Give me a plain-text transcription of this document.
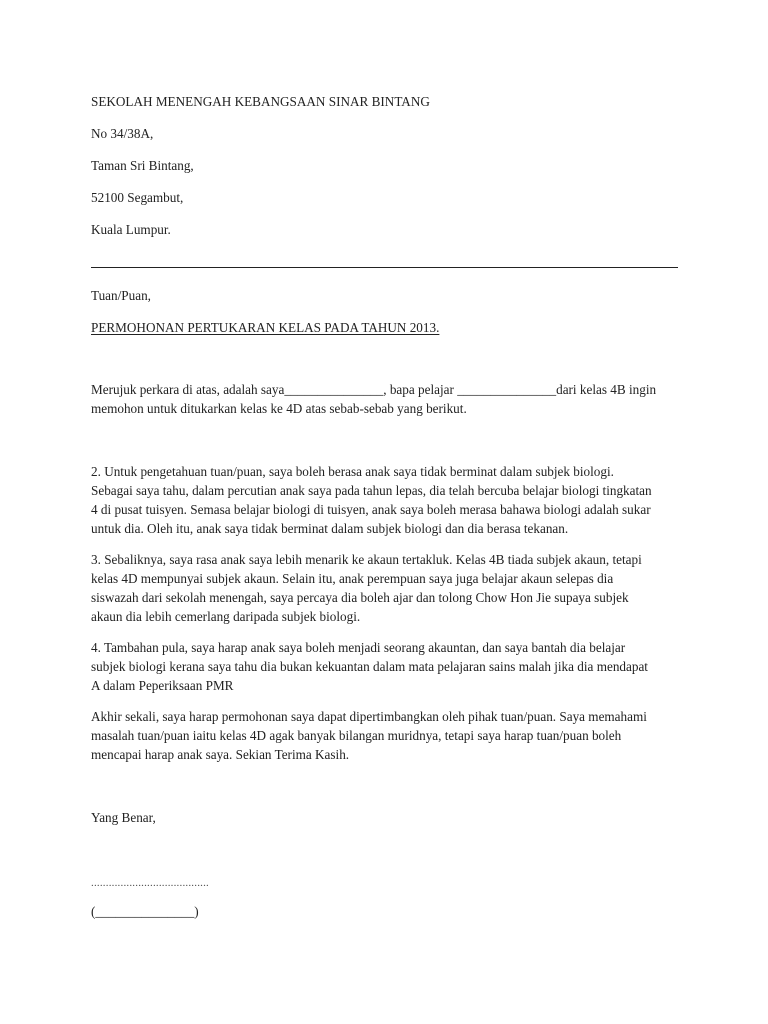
SEKOLAH MENENGAH KEBANGSAAN SINAR BINTANG
No 34/38A,
Taman Sri Bintang,
52100 Segambut,
Kuala Lumpur.
Tuan/Puan,
PERMOHONAN PERTUKARAN KELAS PADA TAHUN 2013.
Merujuk perkara di atas, adalah saya_______________, bapa pelajar _______________dari kelas 4B ingin
memohon untuk ditukarkan kelas ke 4D atas sebab-sebab yang berikut.
2. Untuk pengetahuan tuan/puan, saya boleh berasa anak saya tidak berminat dalam subjek biologi.
Sebagai saya tahu, dalam percutian anak saya pada tahun lepas, dia telah bercuba belajar biologi tingkatan
4 di pusat tuisyen. Semasa belajar biologi di tuisyen, anak saya boleh merasa bahawa biologi adalah sukar
untuk dia. Oleh itu, anak saya tidak berminat dalam subjek biologi dan dia berasa tekanan.
3. Sebaliknya, saya rasa anak saya lebih menarik ke akaun tertakluk. Kelas 4B tiada subjek akaun, tetapi
kelas 4D mempunyai subjek akaun. Selain itu, anak perempuan saya juga belajar akaun selepas dia
siswazah dari sekolah menengah, saya percaya dia boleh ajar dan tolong Chow Hon Jie supaya subjek
akaun dia lebih cemerlang daripada subjek biologi.
4. Tambahan pula, saya harap anak saya boleh menjadi seorang akauntan, dan saya bantah dia belajar
subjek biologi kerana saya tahu dia bukan kekuantan dalam mata pelajaran sains malah jika dia mendapat
A dalam Peperiksaan PMR
Akhir sekali, saya harap permohonan saya dapat dipertimbangkan oleh pihak tuan/puan. Saya memahami
masalah tuan/puan iaitu kelas 4D agak banyak bilangan muridnya, tetapi saya harap tuan/puan boleh
mencapai harap anak saya. Sekian Terima Kasih.
Yang Benar,
........................................
(_______________)
